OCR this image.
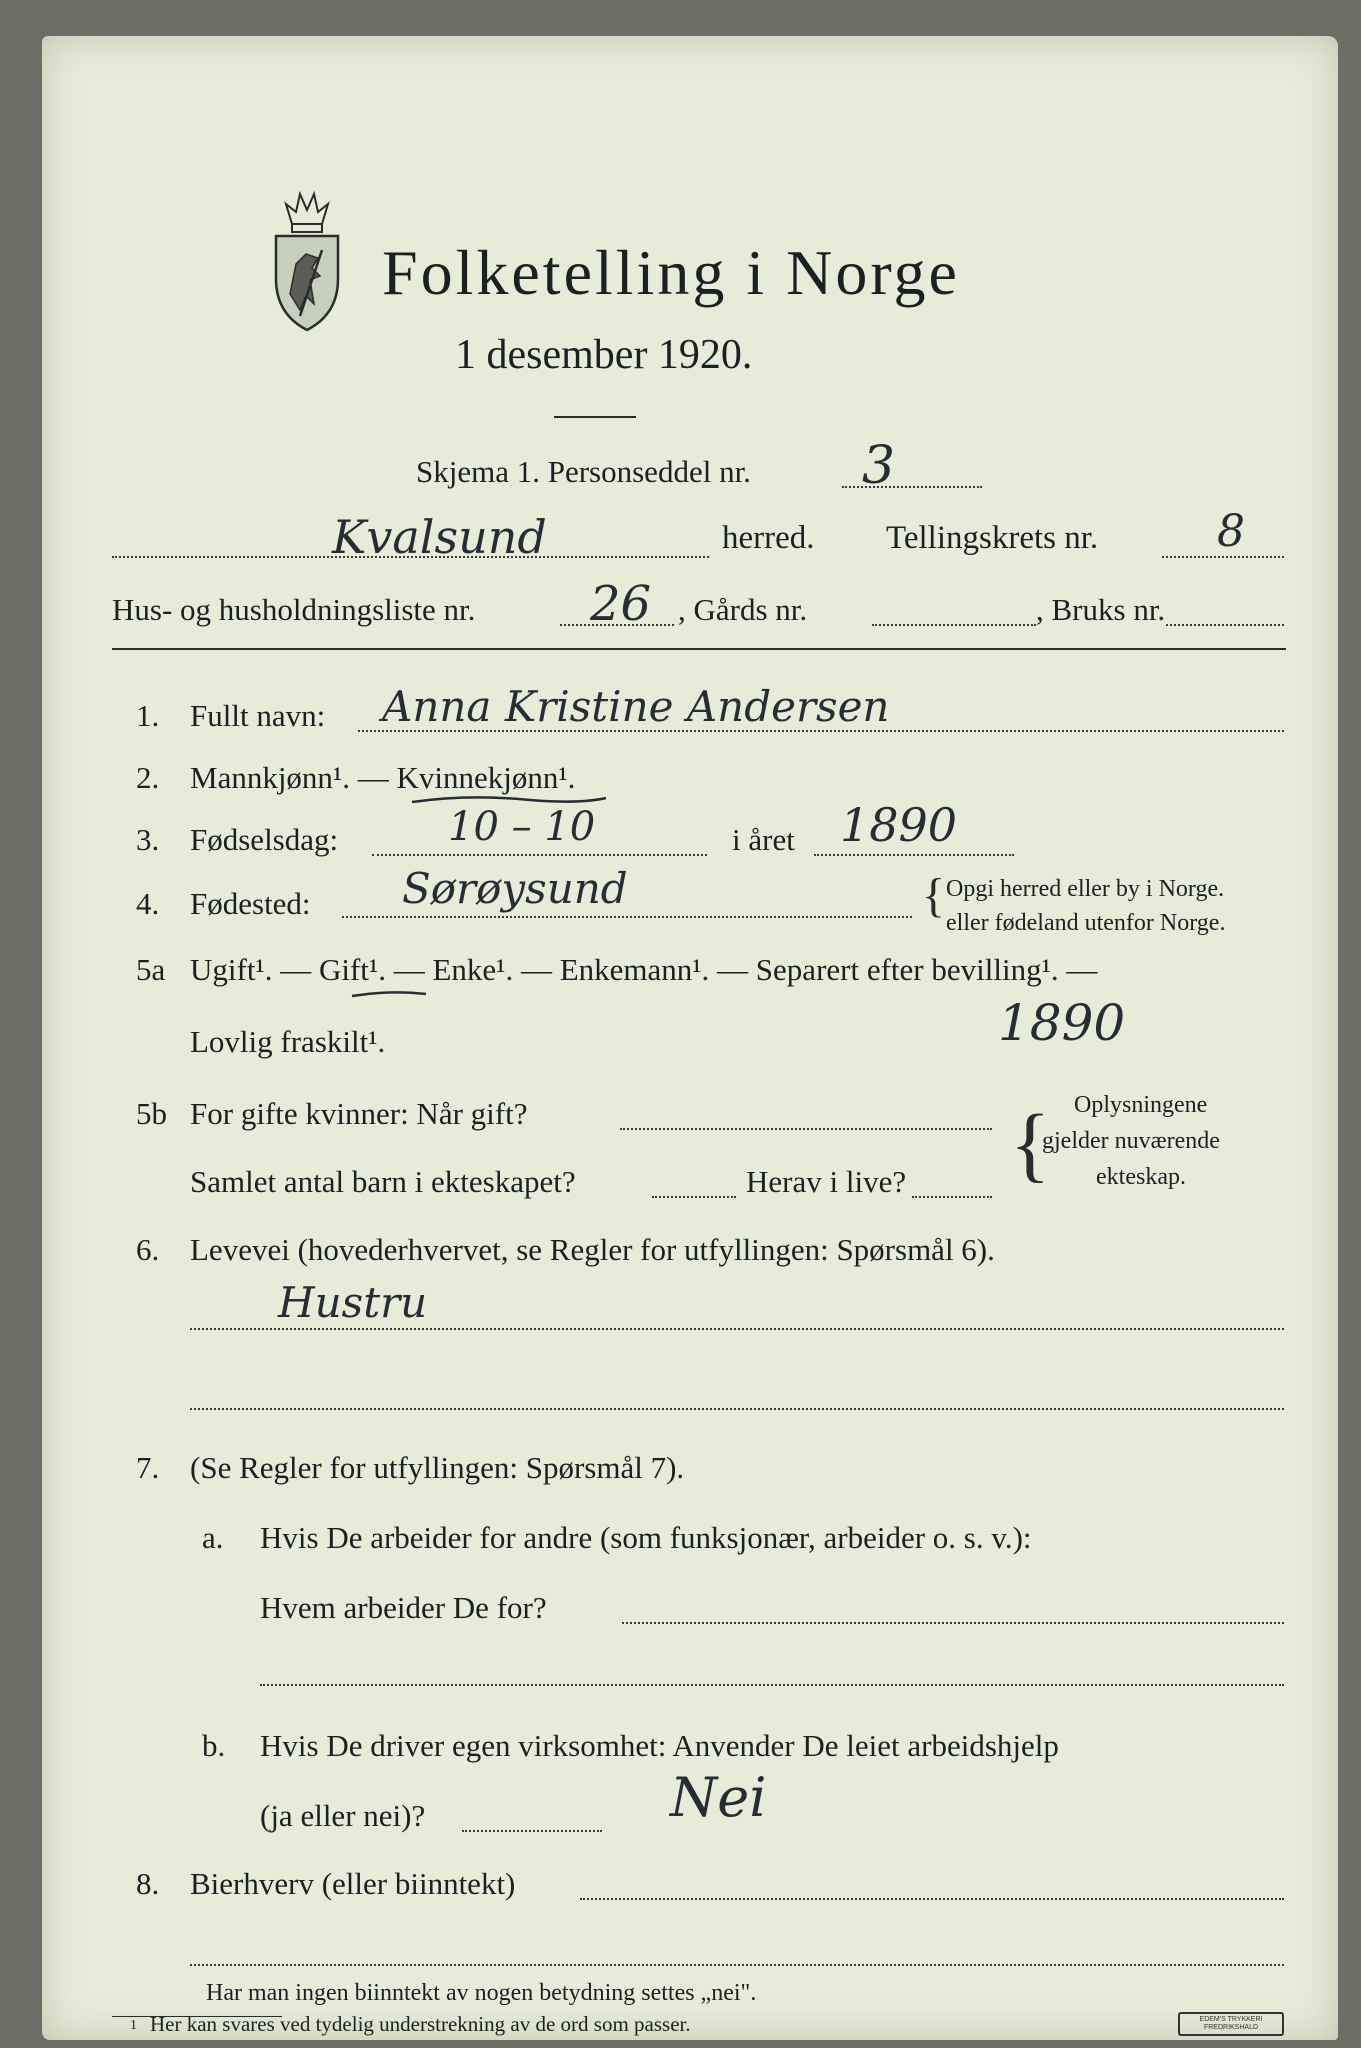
Folketelling i Norge
1 desember 1920.
Skjema 1. Personseddel nr. 3
Kvalsund	herred. Tellingskrets nr.	8
Hus- og husholdningsliste nr. 26 , Gårds nr.	, Bruks nr.
1. Fullt navn: Anna Kristine Andersen
2. Mannkjønn¹. — Kvinnekjønn¹.
3. Fødselsdag:	10 – 10	i året 1890
4. Fødested: Sørøysund	{ Opgi herred eller by i Norge.
eller fødeland utenfor Norge.
5a Ugift¹. — Gift¹. — Enke¹. — Enkemann¹. — Separert efter bevilling¹. —
Lovlig fraskilt¹.	1890
5b For gifte kvinner: Når gift?
Samlet antal barn i ekteskapet?	Herav i live? { Oplysningene
gjelder nuværende
ekteskap.
6. Levevei (hovederhvervet, se Regler for utfyllingen: Spørsmål 6).
Hustru
7. (Se Regler for utfyllingen: Spørsmål 7).
a. Hvis De arbeider for andre (som funksjonær, arbeider o. s. v.):
Hvem arbeider De for?
b. Hvis De driver egen virksomhet: Anvender De leiet arbeidshjelp
(ja eller nei)?	Nei
8. Bierhverv (eller biinntekt)
Har man ingen biinntekt av nogen betydning settes „nei".
1 Her kan svares ved tydelig understrekning av de ord som passer.	EDEM'S TRYKKERI FREDRIKSHALD
